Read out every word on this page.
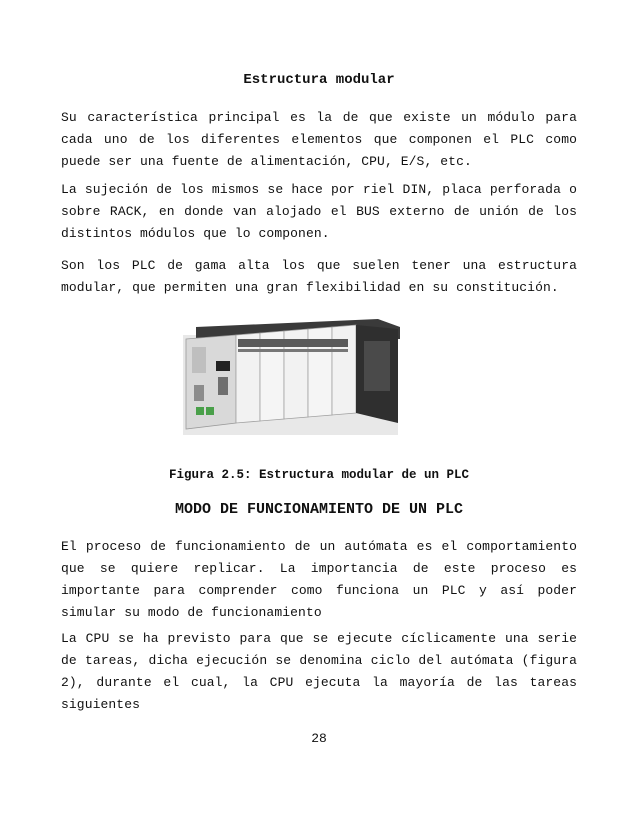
Estructura modular

Su característica principal es la de que existe un módulo para cada uno de los diferentes elementos que componen el PLC como puede ser una fuente de alimentación, CPU, E/S, etc.

La sujeción de los mismos se hace por riel DIN, placa perforada o sobre RACK, en donde van alojado el BUS externo de unión de los distintos módulos que lo componen.

Son los PLC de gama alta los que suelen tener una estructura modular, que permiten una gran flexibilidad en su constitución.

Figura 2.5: Estructura modular de un PLC
MODO DE FUNCIONAMIENTO DE UN PLC

El proceso de funcionamiento de un autómata es el comportamiento que se quiere replicar. La importancia de este proceso es importante para comprender como funciona un PLC y así poder simular su modo de funcionamiento

La CPU se ha previsto para que se ejecute cíclicamente una serie de tareas, dicha ejecución se denomina ciclo del autómata (figura 2), durante el cual, la CPU ejecuta la mayoría de las tareas siguientes

28
